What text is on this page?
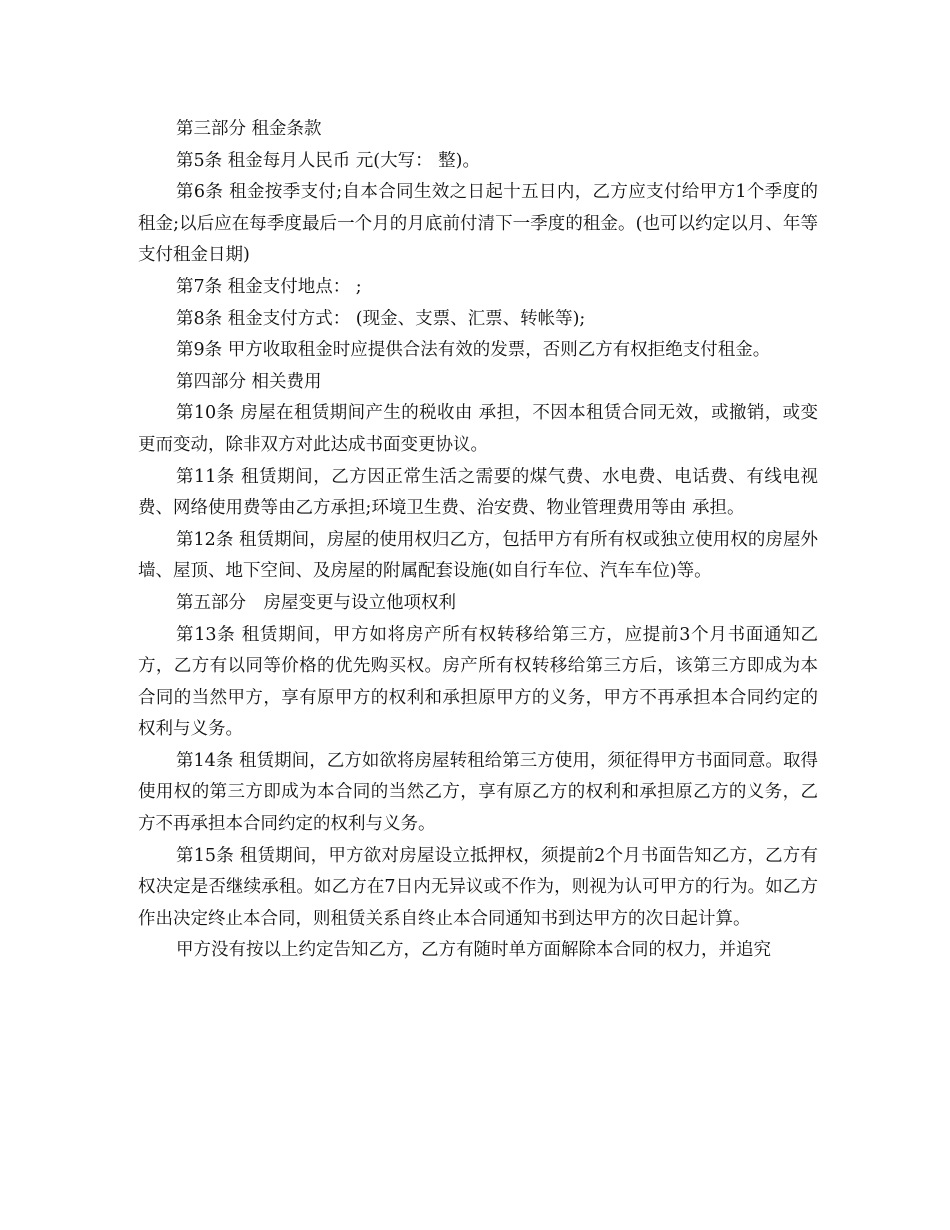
第三部分 租金条款

第5条 租金每月人民币 元(大写： 整)。

第6条 租金按季支付;自本合同生效之日起十五日内，乙方应支付给甲方1个季度的租金;以后应在每季度最后一个月的月底前付清下一季度的租金。(也可以约定以月、年等支付租金日期)

第7条 租金支付地点： ;

第8条 租金支付方式： (现金、支票、汇票、转帐等);

第9条 甲方收取租金时应提供合法有效的发票，否则乙方有权拒绝支付租金。

第四部分 相关费用

第10条 房屋在租赁期间产生的税收由 承担，不因本租赁合同无效，或撤销，或变更而变动，除非双方对此达成书面变更协议。

第11条 租赁期间，乙方因正常生活之需要的煤气费、水电费、电话费、有线电视费、网络使用费等由乙方承担;环境卫生费、治安费、物业管理费用等由 承担。

第12条 租赁期间，房屋的使用权归乙方，包括甲方有所有权或独立使用权的房屋外墙、屋顶、地下空间、及房屋的附属配套设施(如自行车位、汽车车位)等。

第五部分　房屋变更与设立他项权利

第13条 租赁期间，甲方如将房产所有权转移给第三方，应提前3个月书面通知乙方，乙方有以同等价格的优先购买权。房产所有权转移给第三方后，该第三方即成为本合同的当然甲方，享有原甲方的权利和承担原甲方的义务，甲方不再承担本合同约定的权利与义务。

第14条 租赁期间，乙方如欲将房屋转租给第三方使用，须征得甲方书面同意。取得使用权的第三方即成为本合同的当然乙方，享有原乙方的权利和承担原乙方的义务，乙方不再承担本合同约定的权利与义务。

第15条 租赁期间，甲方欲对房屋设立抵押权，须提前2个月书面告知乙方，乙方有权决定是否继续承租。如乙方在7日内无异议或不作为，则视为认可甲方的行为。如乙方作出决定终止本合同，则租赁关系自终止本合同通知书到达甲方的次日起计算。

甲方没有按以上约定告知乙方，乙方有随时单方面解除本合同的权力，并追究
